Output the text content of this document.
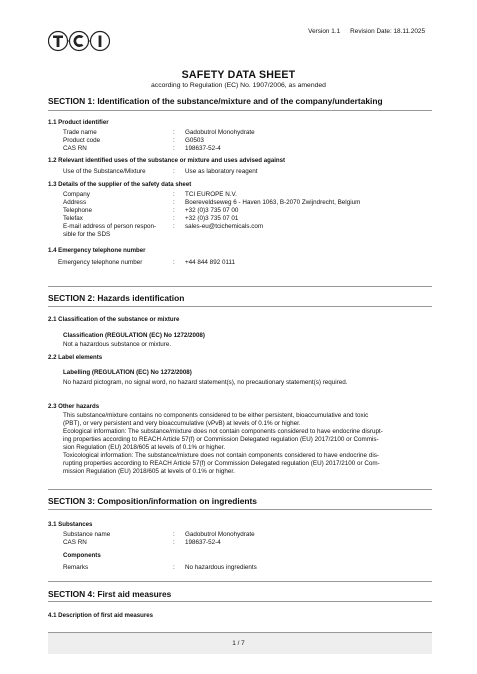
Version 1.1 Revision Date: 18.11.2025
SAFETY DATA SHEET
according to Regulation (EC) No. 1907/2006, as amended
SECTION 1: Identification of the substance/mixture and of the company/undertaking
1.1 Product identifier
Trade name	: Gadobutrol Monohydrate
Product code	: G0503
CAS RN	: 198637-52-4
1.2 Relevant identified uses of the substance or mixture and uses advised against
Use of the Substance/Mixture	: Use as laboratory reagent
1.3 Details of the supplier of the safety data sheet
Company	: TCI EUROPE N.V.
Address	: Boereveldseweg 6 - Haven 1063, B-2070 Zwijndrecht, Belgium
Telephone	: +32 (0)3 735 07 00
Telefax	: +32 (0)3 735 07 01
E-mail address of person respon-
sible for the SDS: sales-eu@tcichemicals.com
1.4 Emergency telephone number
Emergency telephone number	: +44 844 892 0111
SECTION 2: Hazards identification
2.1 Classification of the substance or mixture
Classification (REGULATION (EC) No 1272/2008)
Not a hazardous substance or mixture.
2.2 Label elements
Labelling (REGULATION (EC) No 1272/2008)
No hazard pictogram, no signal word, no hazard statement(s), no precautionary statement(s) required.
2.3 Other hazards
This substance/mixture contains no components considered to be either persistent, bioaccumulative and toxic
(PBT), or very persistent and very bioaccumulative (vPvB) at levels of 0.1% or higher.
Ecological information: The substance/mixture does not contain components considered to have endocrine disrupt-
ing properties according to REACH Article 57(f) or Commission Delegated regulation (EU) 2017/2100 or Commis-
sion Regulation (EU) 2018/605 at levels of 0.1% or higher.
Toxicological information: The substance/mixture does not contain components considered to have endocrine dis-
rupting properties according to REACH Article 57(f) or Commission Delegated regulation (EU) 2017/2100 or Com-
mission Regulation (EU) 2018/605 at levels of 0.1% or higher.
SECTION 3: Composition/information on ingredients
3.1 Substances
Substance name	: Gadobutrol Monohydrate
CAS RN	: 198637-52-4
Components
Remarks	: No hazardous ingredients
SECTION 4: First aid measures
4.1 Description of first aid measures
1 / 7
